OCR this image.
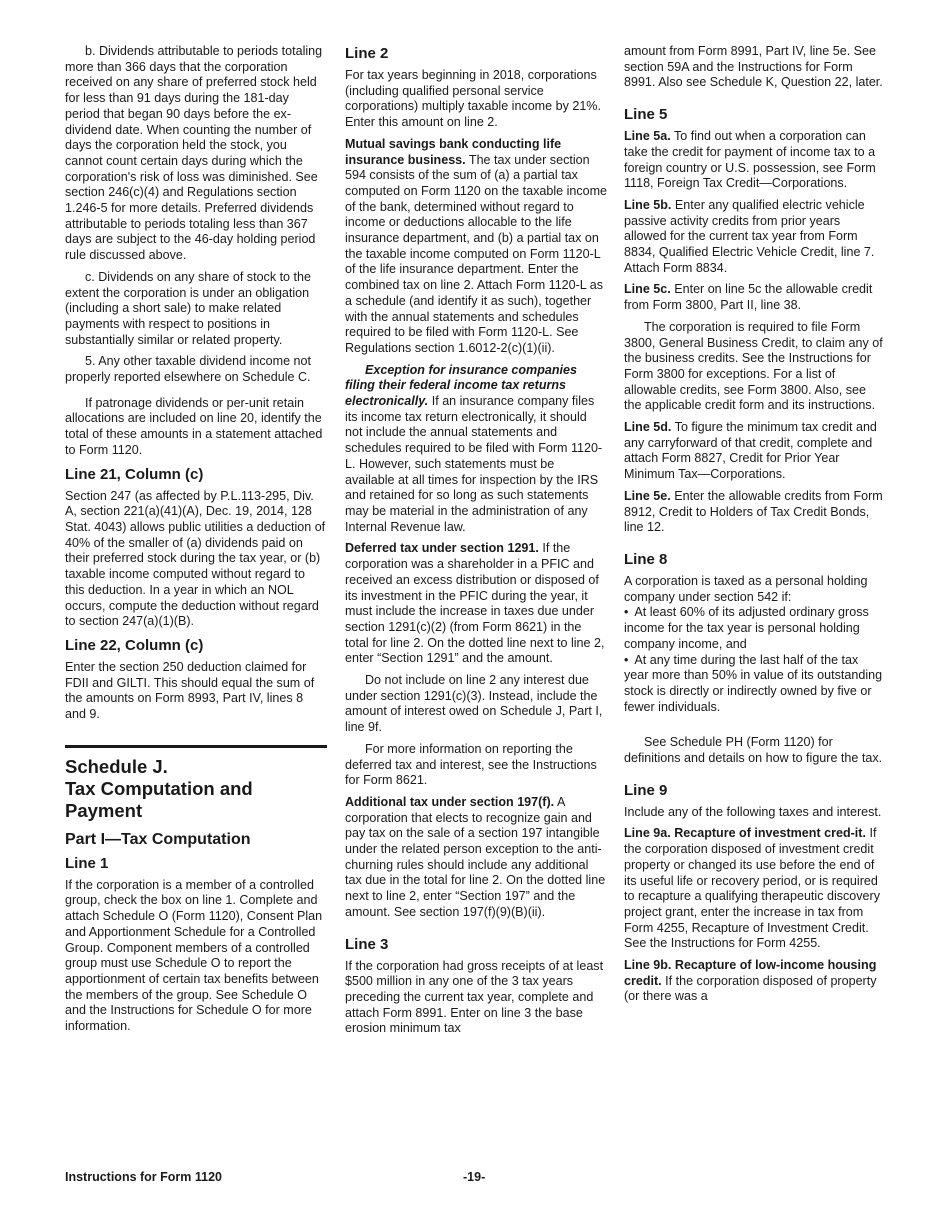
b. Dividends attributable to periods totaling more than 366 days that the corporation received on any share of preferred stock held for less than 91 days during the 181-day period that began 90 days before the ex-dividend date. When counting the number of days the corporation held the stock, you cannot count certain days during which the corporation's risk of loss was diminished. See section 246(c)(4) and Regulations section 1.246-5 for more details. Preferred dividends attributable to periods totaling less than 367 days are subject to the 46-day holding period rule discussed above.

c. Dividends on any share of stock to the extent the corporation is under an obligation (including a short sale) to make related payments with respect to positions in substantially similar or related property.

5. Any other taxable dividend income not properly reported elsewhere on Schedule C.

If patronage dividends or per-unit retain allocations are included on line 20, identify the total of these amounts in a statement attached to Form 1120.

Line 21, Column (c)

Section 247 (as affected by P.L.113-295, Div. A, section 221(a)(41)(A), Dec. 19, 2014, 128 Stat. 4043) allows public utilities a deduction of 40% of the smaller of (a) dividends paid on their preferred stock during the tax year, or (b) taxable income computed without regard to this deduction. In a year in which an NOL occurs, compute the deduction without regard to section 247(a)(1)(B).

Line 22, Column (c)

Enter the section 250 deduction claimed for FDII and GILTI. This should equal the sum of the amounts on Form 8993, Part IV, lines 8 and 9.

Schedule J.
Tax Computation and
Payment
Part I—Tax Computation
Line 1

If the corporation is a member of a controlled group, check the box on line 1. Complete and attach Schedule O (Form 1120), Consent Plan and Apportionment Schedule for a Controlled Group. Component members of a controlled group must use Schedule O to report the apportionment of certain tax benefits between the members of the group. See Schedule O and the Instructions for Schedule O for more information.

Line 2

For tax years beginning in 2018, corporations (including qualified personal service corporations) multiply taxable income by 21%. Enter this amount on line 2.

Mutual savings bank conducting life insurance business. The tax under section 594 consists of the sum of (a) a partial tax computed on Form 1120 on the taxable income of the bank, determined without regard to income or deductions allocable to the life insurance department, and (b) a partial tax on the taxable income computed on Form 1120-L of the life insurance department. Enter the combined tax on line 2. Attach Form 1120-L as a schedule (and identify it as such), together with the annual statements and schedules required to be filed with Form 1120-L. See Regulations section 1.6012-2(c)(1)(ii).

Exception for insurance companies filing their federal income tax returns electronically. If an insurance company files its income tax return electronically, it should not include the annual statements and schedules required to be filed with Form 1120-L. However, such statements must be available at all times for inspection by the IRS and retained for so long as such statements may be material in the administration of any Internal Revenue law.

Deferred tax under section 1291. If the corporation was a shareholder in a PFIC and received an excess distribution or disposed of its investment in the PFIC during the year, it must include the increase in taxes due under section 1291(c)(2) (from Form 8621) in the total for line 2. On the dotted line next to line 2, enter “Section 1291” and the amount.

Do not include on line 2 any interest due under section 1291(c)(3). Instead, include the amount of interest owed on Schedule J, Part I, line 9f.

For more information on reporting the deferred tax and interest, see the Instructions for Form 8621.

Additional tax under section 197(f). A corporation that elects to recognize gain and pay tax on the sale of a section 197 intangible under the related person exception to the anti-churning rules should include any additional tax due in the total for line 2. On the dotted line next to line 2, enter “Section 197” and the amount. See section 197(f)(9)(B)(ii).

Line 3

If the corporation had gross receipts of at least $500 million in any one of the 3 tax years preceding the current tax year, complete and attach Form 8991. Enter on line 3 the base erosion minimum tax

amount from Form 8991, Part IV, line 5e. See section 59A and the Instructions for Form 8991. Also see Schedule K, Question 22, later.

Line 5

Line 5a. To find out when a corporation can take the credit for payment of income tax to a foreign country or U.S. possession, see Form 1118, Foreign Tax Credit—Corporations.

Line 5b. Enter any qualified electric vehicle passive activity credits from prior years allowed for the current tax year from Form 8834, Qualified Electric Vehicle Credit, line 7. Attach Form 8834.

Line 5c. Enter on line 5c the allowable credit from Form 3800, Part II, line 38.

The corporation is required to file Form 3800, General Business Credit, to claim any of the business credits. See the Instructions for Form 3800 for exceptions. For a list of allowable credits, see Form 3800. Also, see the applicable credit form and its instructions.

Line 5d. To figure the minimum tax credit and any carryforward of that credit, complete and attach Form 8827, Credit for Prior Year Minimum Tax—Corporations.

Line 5e. Enter the allowable credits from Form 8912, Credit to Holders of Tax Credit Bonds, line 12.

Line 8

A corporation is taxed as a personal holding company under section 542 if:

• At least 60% of its adjusted ordinary gross income for the tax year is personal holding company income, and
• At any time during the last half of the tax year more than 50% in value of its outstanding stock is directly or indirectly owned by five or fewer individuals.

See Schedule PH (Form 1120) for definitions and details on how to figure the tax.

Line 9

Include any of the following taxes and interest.

Line 9a. Recapture of investment cred-it. If the corporation disposed of investment credit property or changed its use before the end of its useful life or recovery period, or is required to recapture a qualifying therapeutic discovery project grant, enter the increase in tax from Form 4255, Recapture of Investment Credit. See the Instructions for Form 4255.

Line 9b. Recapture of low-income housing credit. If the corporation disposed of property (or there was a

Instructions for Form 1120	-19-
